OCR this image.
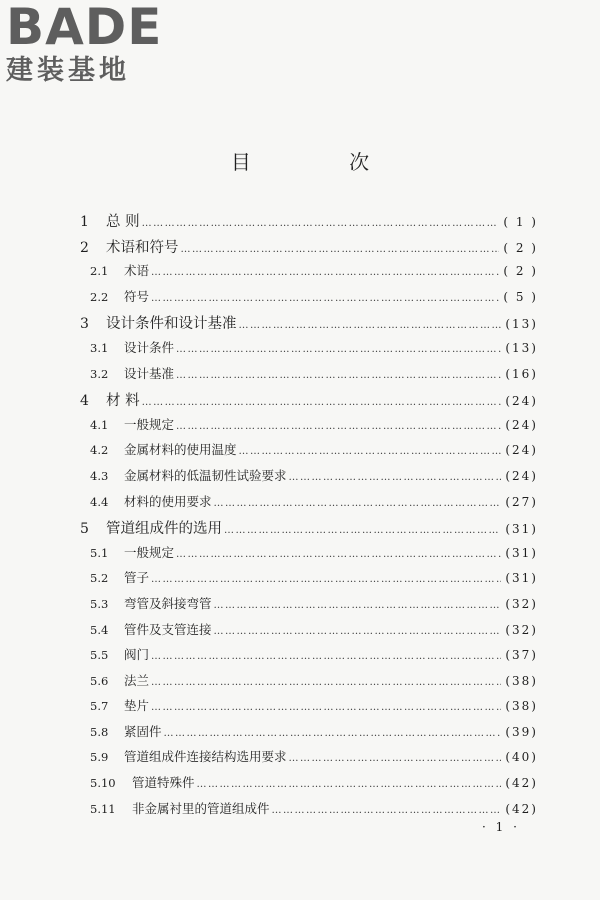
BADE
建装基地
目 次
1	总 则 …………………………………………………………………………………………………………………………………………………………	( 1 )
2	术语和符号 …………………………………………………………………………………………………………………………………………………………	( 2 )
2.1	术语 …………………………………………………………………………………………………………………………………………………………	( 2 )
2.2	符号 …………………………………………………………………………………………………………………………………………………………	( 5 )
3	设计条件和设计基准 …………………………………………………………………………………………………………………………………………………………	(13)
3.1	设计条件 …………………………………………………………………………………………………………………………………………………………	(13)
3.2	设计基准 …………………………………………………………………………………………………………………………………………………………	(16)
4	材 料 …………………………………………………………………………………………………………………………………………………………	(24)
4.1	一般规定 …………………………………………………………………………………………………………………………………………………………	(24)
4.2	金属材料的使用温度 …………………………………………………………………………………………………………………………………………………………	(24)
4.3	金属材料的低温韧性试验要求 …………………………………………………………………………………………………………………………………………………………	(24)
4.4	材料的使用要求 …………………………………………………………………………………………………………………………………………………………	(27)
5	管道组成件的选用 …………………………………………………………………………………………………………………………………………………………	(31)
5.1	一般规定 …………………………………………………………………………………………………………………………………………………………	(31)
5.2	管子 …………………………………………………………………………………………………………………………………………………………	(31)
5.3	弯管及斜接弯管 …………………………………………………………………………………………………………………………………………………………	(32)
5.4	管件及支管连接 …………………………………………………………………………………………………………………………………………………………	(32)
5.5	阀门 …………………………………………………………………………………………………………………………………………………………	(37)
5.6	法兰 …………………………………………………………………………………………………………………………………………………………	(38)
5.7	垫片 …………………………………………………………………………………………………………………………………………………………	(38)
5.8	紧固件 …………………………………………………………………………………………………………………………………………………………	(39)
5.9	管道组成件连接结构选用要求 …………………………………………………………………………………………………………………………………………………………	(40)
5.10	管道特殊件 …………………………………………………………………………………………………………………………………………………………	(42)
5.11	非金属衬里的管道组成件 …………………………………………………………………………………………………………………………………………………………	(42)
· 1 ·
